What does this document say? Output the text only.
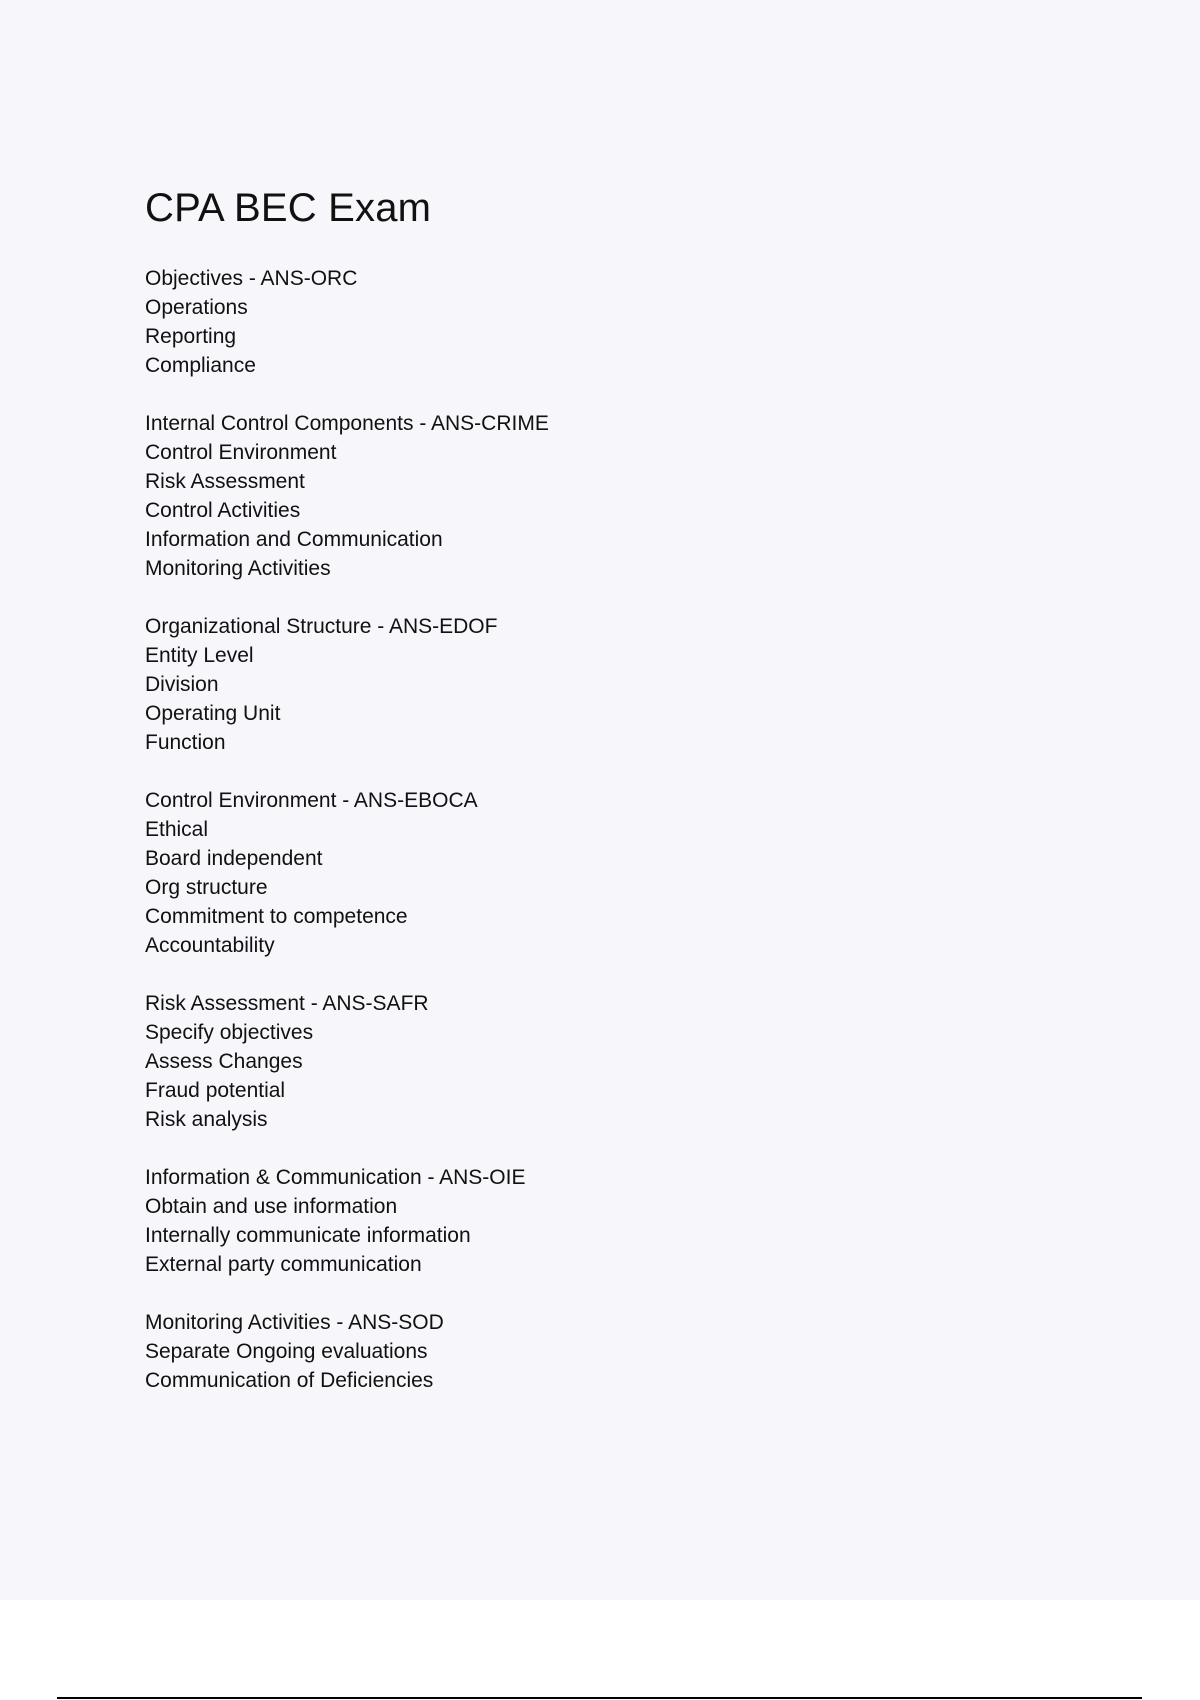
CPA BEC Exam
Objectives - ANS-ORC
Operations
Reporting
Compliance
Internal Control Components - ANS-CRIME
Control Environment
Risk Assessment
Control Activities
Information and Communication
Monitoring Activities
Organizational Structure - ANS-EDOF
Entity Level
Division
Operating Unit
Function
Control Environment - ANS-EBOCA
Ethical
Board independent
Org structure
Commitment to competence
Accountability
Risk Assessment - ANS-SAFR
Specify objectives
Assess Changes
Fraud potential
Risk analysis
Information & Communication - ANS-OIE
Obtain and use information
Internally communicate information
External party communication
Monitoring Activities - ANS-SOD
Separate Ongoing evaluations
Communication of Deficiencies
